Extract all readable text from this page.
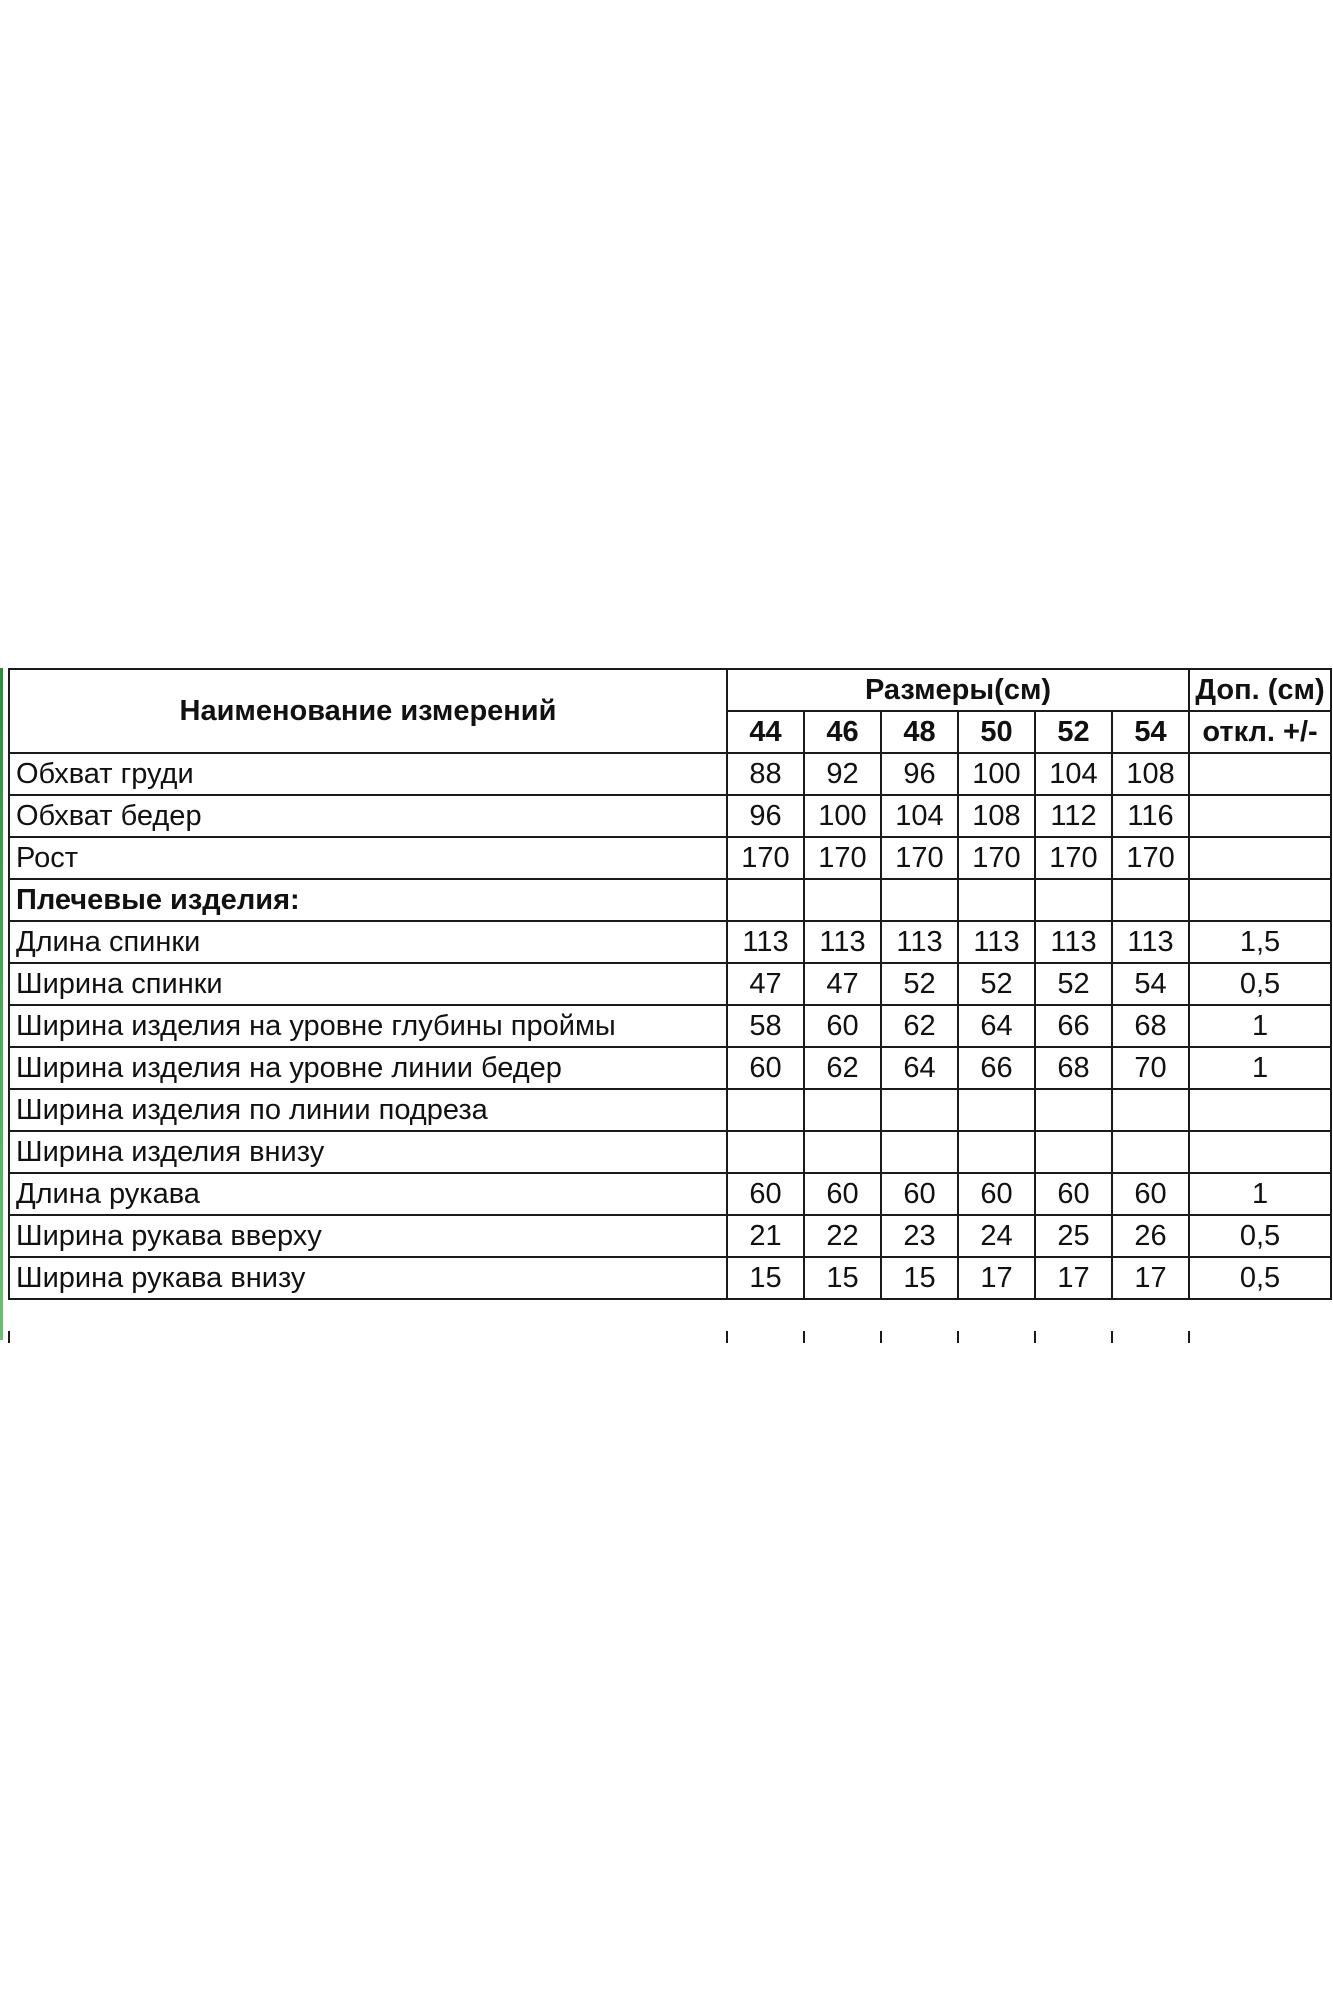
Наименование измерений	Размеры(см)						Доп. (см)
	44	46	48	50	52	54	откл. +/-
Обхват груди	88	92	96	100	104	108	
Обхват бедер	96	100	104	108	112	116	
Рост	170	170	170	170	170	170	
Плечевые изделия:							
Длина спинки	113	113	113	113	113	113	1,5
Ширина спинки	47	47	52	52	52	54	0,5
Ширина изделия на уровне глубины проймы	58	60	62	64	66	68	1
Ширина изделия на уровне линии бедер	60	62	64	66	68	70	1
Ширина изделия по линии подреза							
Ширина изделия внизу							
Длина рукава	60	60	60	60	60	60	1
Ширина рукава вверху	21	22	23	24	25	26	0,5
Ширина рукава внизу	15	15	15	17	17	17	0,5
